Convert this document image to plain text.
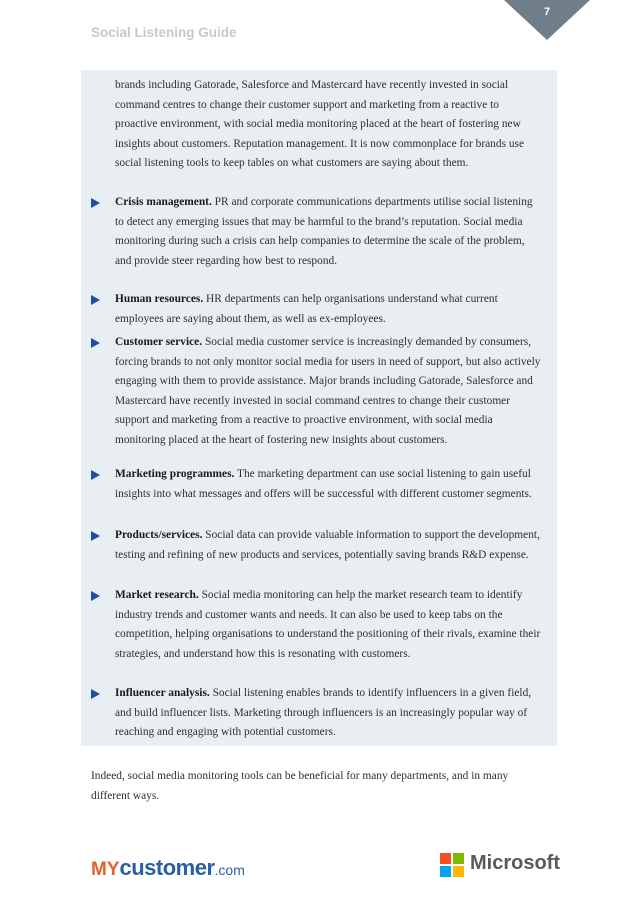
Social Listening Guide
7

brands including Gatorade, Salesforce and Mastercard have recently invested in social command centres to change their customer support and marketing from a reactive to proactive environment, with social media monitoring placed at the heart of fostering new insights about customers. Reputation management. It is now commonplace for brands use social listening tools to keep tables on what customers are saying about them.

Crisis management. PR and corporate communications departments utilise social listening to detect any emerging issues that may be harmful to the brand’s reputation. Social media monitoring during such a crisis can help companies to determine the scale of the problem, and provide steer regarding how best to respond.
Human resources. HR departments can help organisations understand what current employees are saying about them, as well as ex-employees.
Customer service. Social media customer service is increasingly demanded by consumers, forcing brands to not only monitor social media for users in need of support, but also actively engaging with them to provide assistance. Major brands including Gatorade, Salesforce and Mastercard have recently invested in social command centres to change their customer support and marketing from a reactive to proactive environment, with social media monitoring placed at the heart of fostering new insights about customers.
Marketing programmes. The marketing department can use social listening to gain useful insights into what messages and offers will be successful with different customer segments.
Products/services. Social data can provide valuable information to support the development, testing and refining of new products and services, potentially saving brands R&D expense.
Market research. Social media monitoring can help the market research team to identify industry trends and customer wants and needs. It can also be used to keep tabs on the competition, helping organisations to understand the positioning of their rivals, examine their strategies, and understand how this is resonating with customers.
Influencer analysis. Social listening enables brands to identify influencers in a given field, and build influencer lists. Marketing through influencers is an increasingly popular way of reaching and engaging with potential customers.

Indeed, social media monitoring tools can be beneficial for many departments, and in many different ways.

MYcustomer.com	Microsoft
